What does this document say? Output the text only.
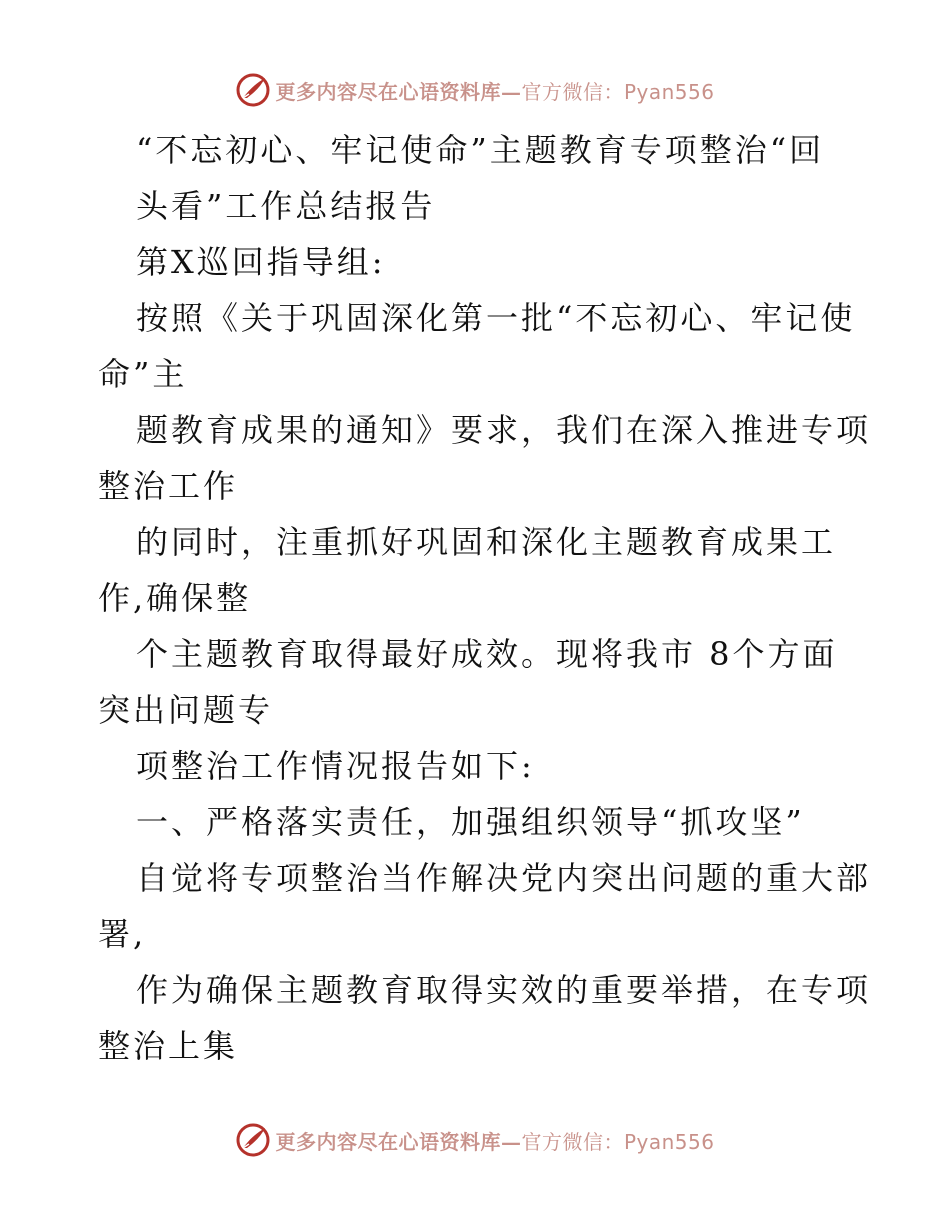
更多内容尽在心语资料库—官方微信：Pyan556
“不忘初心、牢记使命”主题教育专项整治“回
头看”工作总结报告
第X巡回指导组:
按照《关于巩固深化第一批“不忘初心、牢记使
命”主
题教育成果的通知》要求，我们在深入推进专项
整治工作
的同时，注重抓好巩固和深化主题教育成果工
作,确保整
个主题教育取得最好成效。现将我市 8个方面
突出问题专
项整治工作情况报告如下:
一、严格落实责任，加强组织领导“抓攻坚”
自觉将专项整治当作解决党内突出问题的重大部
署,
作为确保主题教育取得实效的重要举措，在专项
整治上集
更多内容尽在心语资料库—官方微信：Pyan556
